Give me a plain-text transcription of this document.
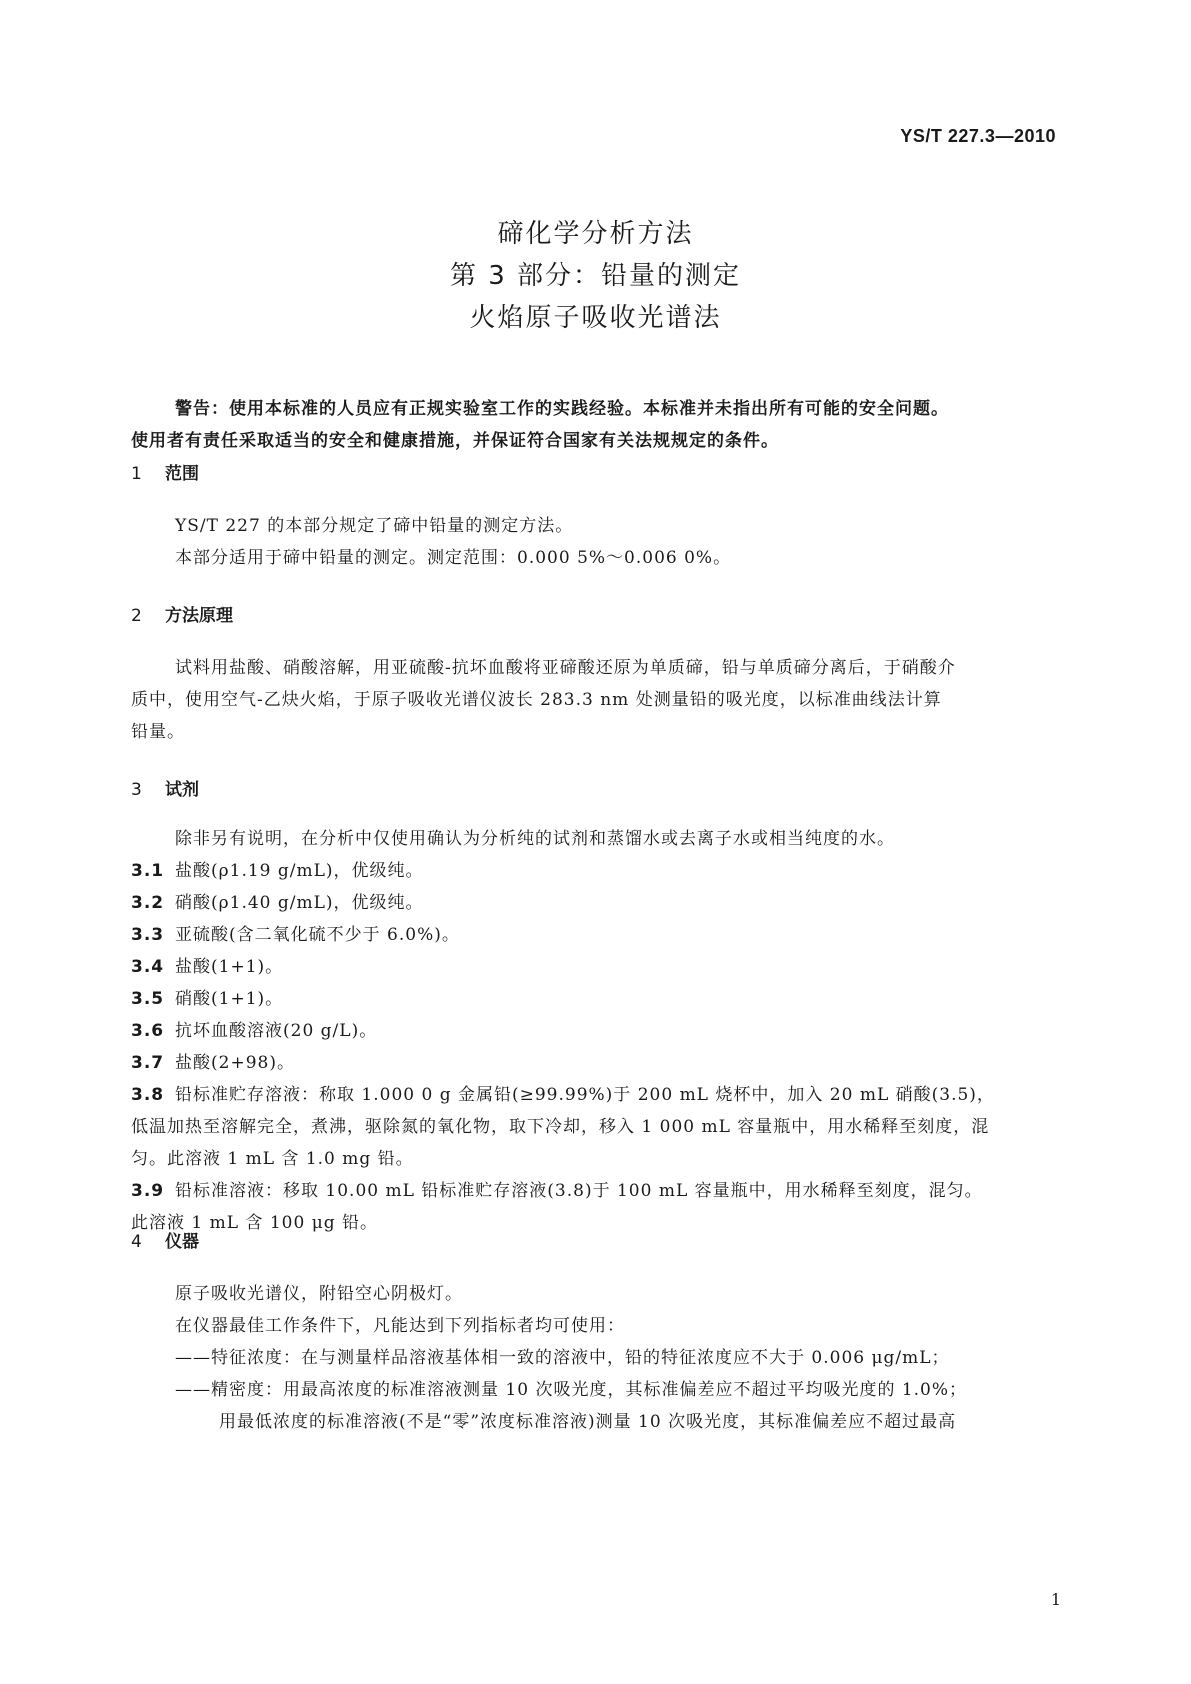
YS/T 227.3—2010
碲化学分析方法
第 3 部分：铅量的测定
火焰原子吸收光谱法

警告：使用本标准的人员应有正规实验室工作的实践经验。本标准并未指出所有可能的安全问题。

使用者有责任采取适当的安全和健康措施，并保证符合国家有关法规规定的条件。

1 范围

YS/T 227 的本部分规定了碲中铅量的测定方法。

本部分适用于碲中铅量的测定。测定范围：0.000 5%～0.006 0%。

2 方法原理

试料用盐酸、硝酸溶解，用亚硫酸-抗坏血酸将亚碲酸还原为单质碲，铅与单质碲分离后，于硝酸介

质中，使用空气-乙炔火焰，于原子吸收光谱仪波长 283.3 nm 处测量铅的吸光度，以标准曲线法计算

铅量。

3 试剂

除非另有说明，在分析中仅使用确认为分析纯的试剂和蒸馏水或去离子水或相当纯度的水。

3.1 盐酸(ρ1.19 g/mL)，优级纯。
3.2 硝酸(ρ1.40 g/mL)，优级纯。
3.3 亚硫酸(含二氧化硫不少于 6.0%)。
3.4 盐酸(1+1)。
3.5 硝酸(1+1)。
3.6 抗坏血酸溶液(20 g/L)。
3.7 盐酸(2+98)。
3.8 铅标准贮存溶液：称取 1.000 0 g 金属铅(≥99.99%)于 200 mL 烧杯中，加入 20 mL 硝酸(3.5)，

低温加热至溶解完全，煮沸，驱除氮的氧化物，取下冷却，移入 1 000 mL 容量瓶中，用水稀释至刻度，混

匀。此溶液 1 mL 含 1.0 mg 铅。

3.9 铅标准溶液：移取 10.00 mL 铅标准贮存溶液(3.8)于 100 mL 容量瓶中，用水稀释至刻度，混匀。

此溶液 1 mL 含 100 μg 铅。

4 仪器

原子吸收光谱仪，附铅空心阴极灯。

在仪器最佳工作条件下，凡能达到下列指标者均可使用：

——特征浓度：在与测量样品溶液基体相一致的溶液中，铅的特征浓度应不大于 0.006 μg/mL；

——精密度：用最高浓度的标准溶液测量 10 次吸光度，其标准偏差应不超过平均吸光度的 1.0%；

用最低浓度的标准溶液(不是“零”浓度标准溶液)测量 10 次吸光度，其标准偏差应不超过最高

1
